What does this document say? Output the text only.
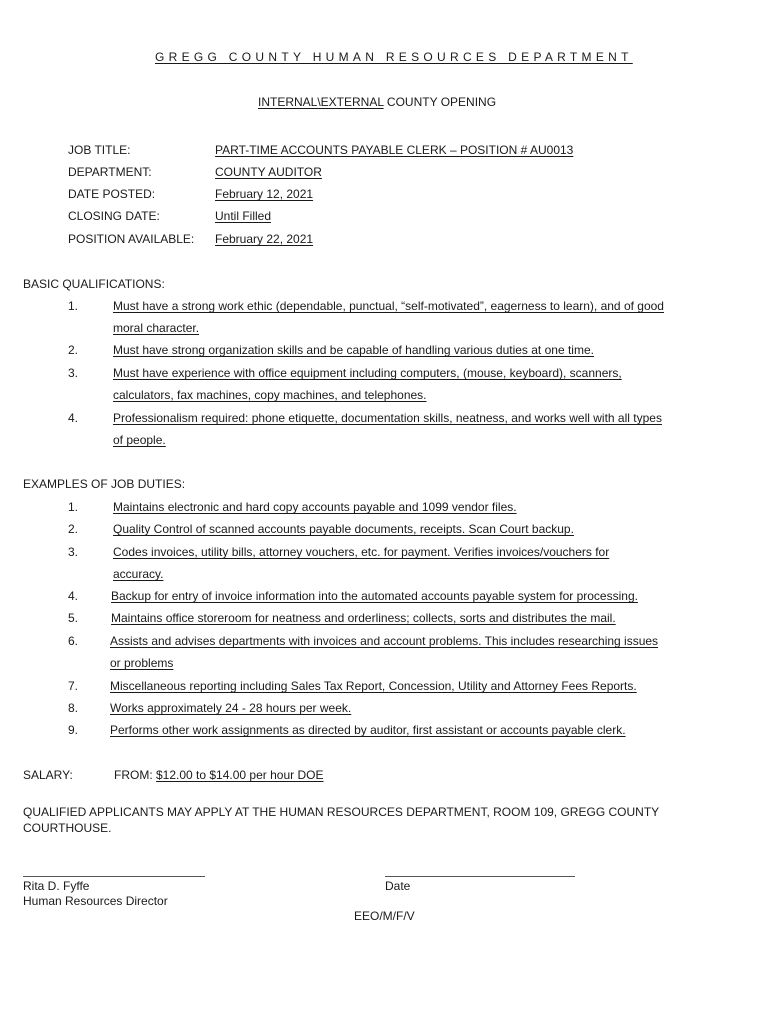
GREGG COUNTY HUMAN RESOURCES DEPARTMENT
INTERNAL\EXTERNAL COUNTY OPENING
JOB TITLE:	PART-TIME ACCOUNTS PAYABLE CLERK – POSITION # AU0013
DEPARTMENT:	COUNTY AUDITOR
DATE POSTED:	February 12, 2021
CLOSING DATE:	Until Filled
POSITION AVAILABLE: February 22, 2021
BASIC QUALIFICATIONS:
1.	Must have a strong work ethic (dependable, punctual, “self-motivated”, eagerness to learn), and of good
moral character.
2.	Must have strong organization skills and be capable of handling various duties at one time.
3.	Must have experience with office equipment including computers, (mouse, keyboard), scanners,
calculators, fax machines, copy machines, and telephones.
4.	Professionalism required: phone etiquette, documentation skills, neatness, and works well with all types
of people.
EXAMPLES OF JOB DUTIES:
1.	Maintains electronic and hard copy accounts payable and 1099 vendor files.
2.	Quality Control of scanned accounts payable documents, receipts. Scan Court backup.
3.	Codes invoices, utility bills, attorney vouchers, etc. for payment. Verifies invoices/vouchers for
accuracy.
4.	Backup for entry of invoice information into the automated accounts payable system for processing.
5.	Maintains office storeroom for neatness and orderliness; collects, sorts and distributes the mail.
6.	Assists and advises departments with invoices and account problems. This includes researching issues
or problems
7.	Miscellaneous reporting including Sales Tax Report, Concession, Utility and Attorney Fees Reports.
8.	Works approximately 24 - 28 hours per week.
9.	Performs other work assignments as directed by auditor, first assistant or accounts payable clerk.
SALARY:	FROM: $12.00 to $14.00 per hour DOE
QUALIFIED APPLICANTS MAY APPLY AT THE HUMAN RESOURCES DEPARTMENT, ROOM 109, GREGG COUNTY
COURTHOUSE.
Rita D. Fyffe	Date
Human Resources Director
EEO/M/F/V
